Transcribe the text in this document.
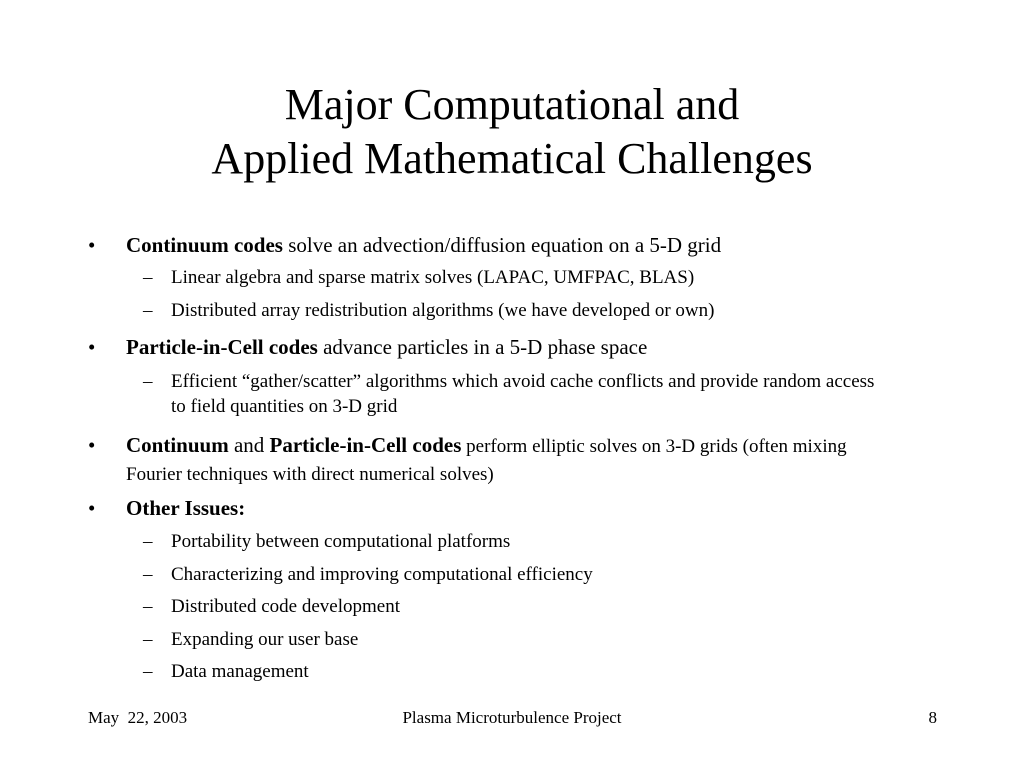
Major Computational and
Applied Mathematical Challenges
• Continuum codes solve an advection/diffusion equation on a 5-D grid
– Linear algebra and sparse matrix solves (LAPAC, UMFPAC, BLAS)
– Distributed array redistribution algorithms (we have developed or own)
• Particle-in-Cell codes advance particles in a 5-D phase space
– Efficient “gather/scatter” algorithms which avoid cache conflicts and provide random access to field quantities on 3-D grid
• Continuum and Particle-in-Cell codes perform elliptic solves on 3-D grids (often mixing Fourier techniques with direct numerical solves)
• Other Issues:
– Portability between computational platforms
– Characterizing and improving computational efficiency
– Distributed code development
– Expanding our user base
– Data management
May  22, 2003	Plasma Microturbulence Project	8
